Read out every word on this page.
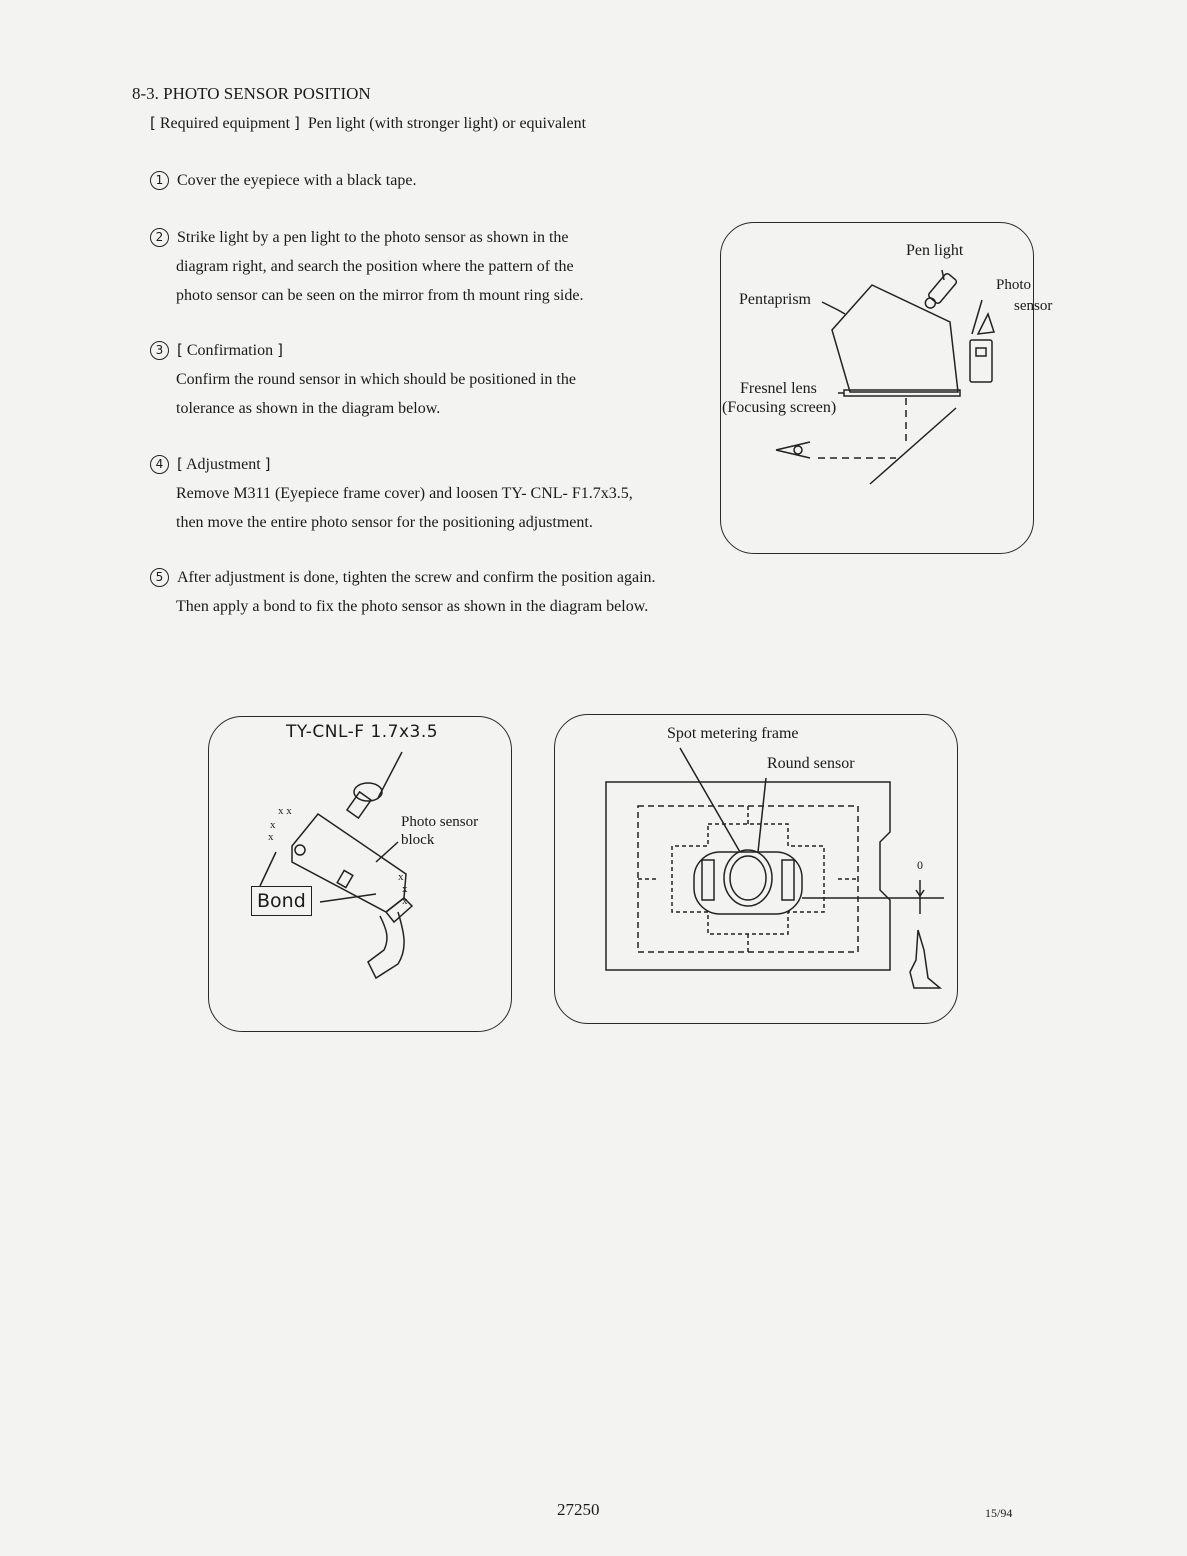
8-3. PHOTO SENSOR POSITION
[ Required equipment ] Pen light (with stronger light) or equivalent
1 Cover the eyepiece with a black tape.
2 Strike light by a pen light to the photo sensor as shown in the
diagram right, and search the position where the pattern of the
photo sensor can be seen on the mirror from th mount ring side.
3 [ Confirmation ]
Confirm the round sensor in which should be positioned in the
tolerance as shown in the diagram below.
4 [ Adjustment ]
Remove M311 (Eyepiece frame cover) and loosen TY- CNL- F1.7x3.5,
then move the entire photo sensor for the positioning adjustment.
5 After adjustment is done, tighten the screw and confirm the position again.
Then apply a bond to fix the photo sensor as shown in the diagram below.
Pen light
Photo
sensor
Pentaprism
Fresnel lens
(Focusing screen)
x x
x
x
x
x
x
TY-CNL-F 1.7x3.5
Photo sensor
block
Bond
Spot metering frame
Round sensor
0
27250	15/94
